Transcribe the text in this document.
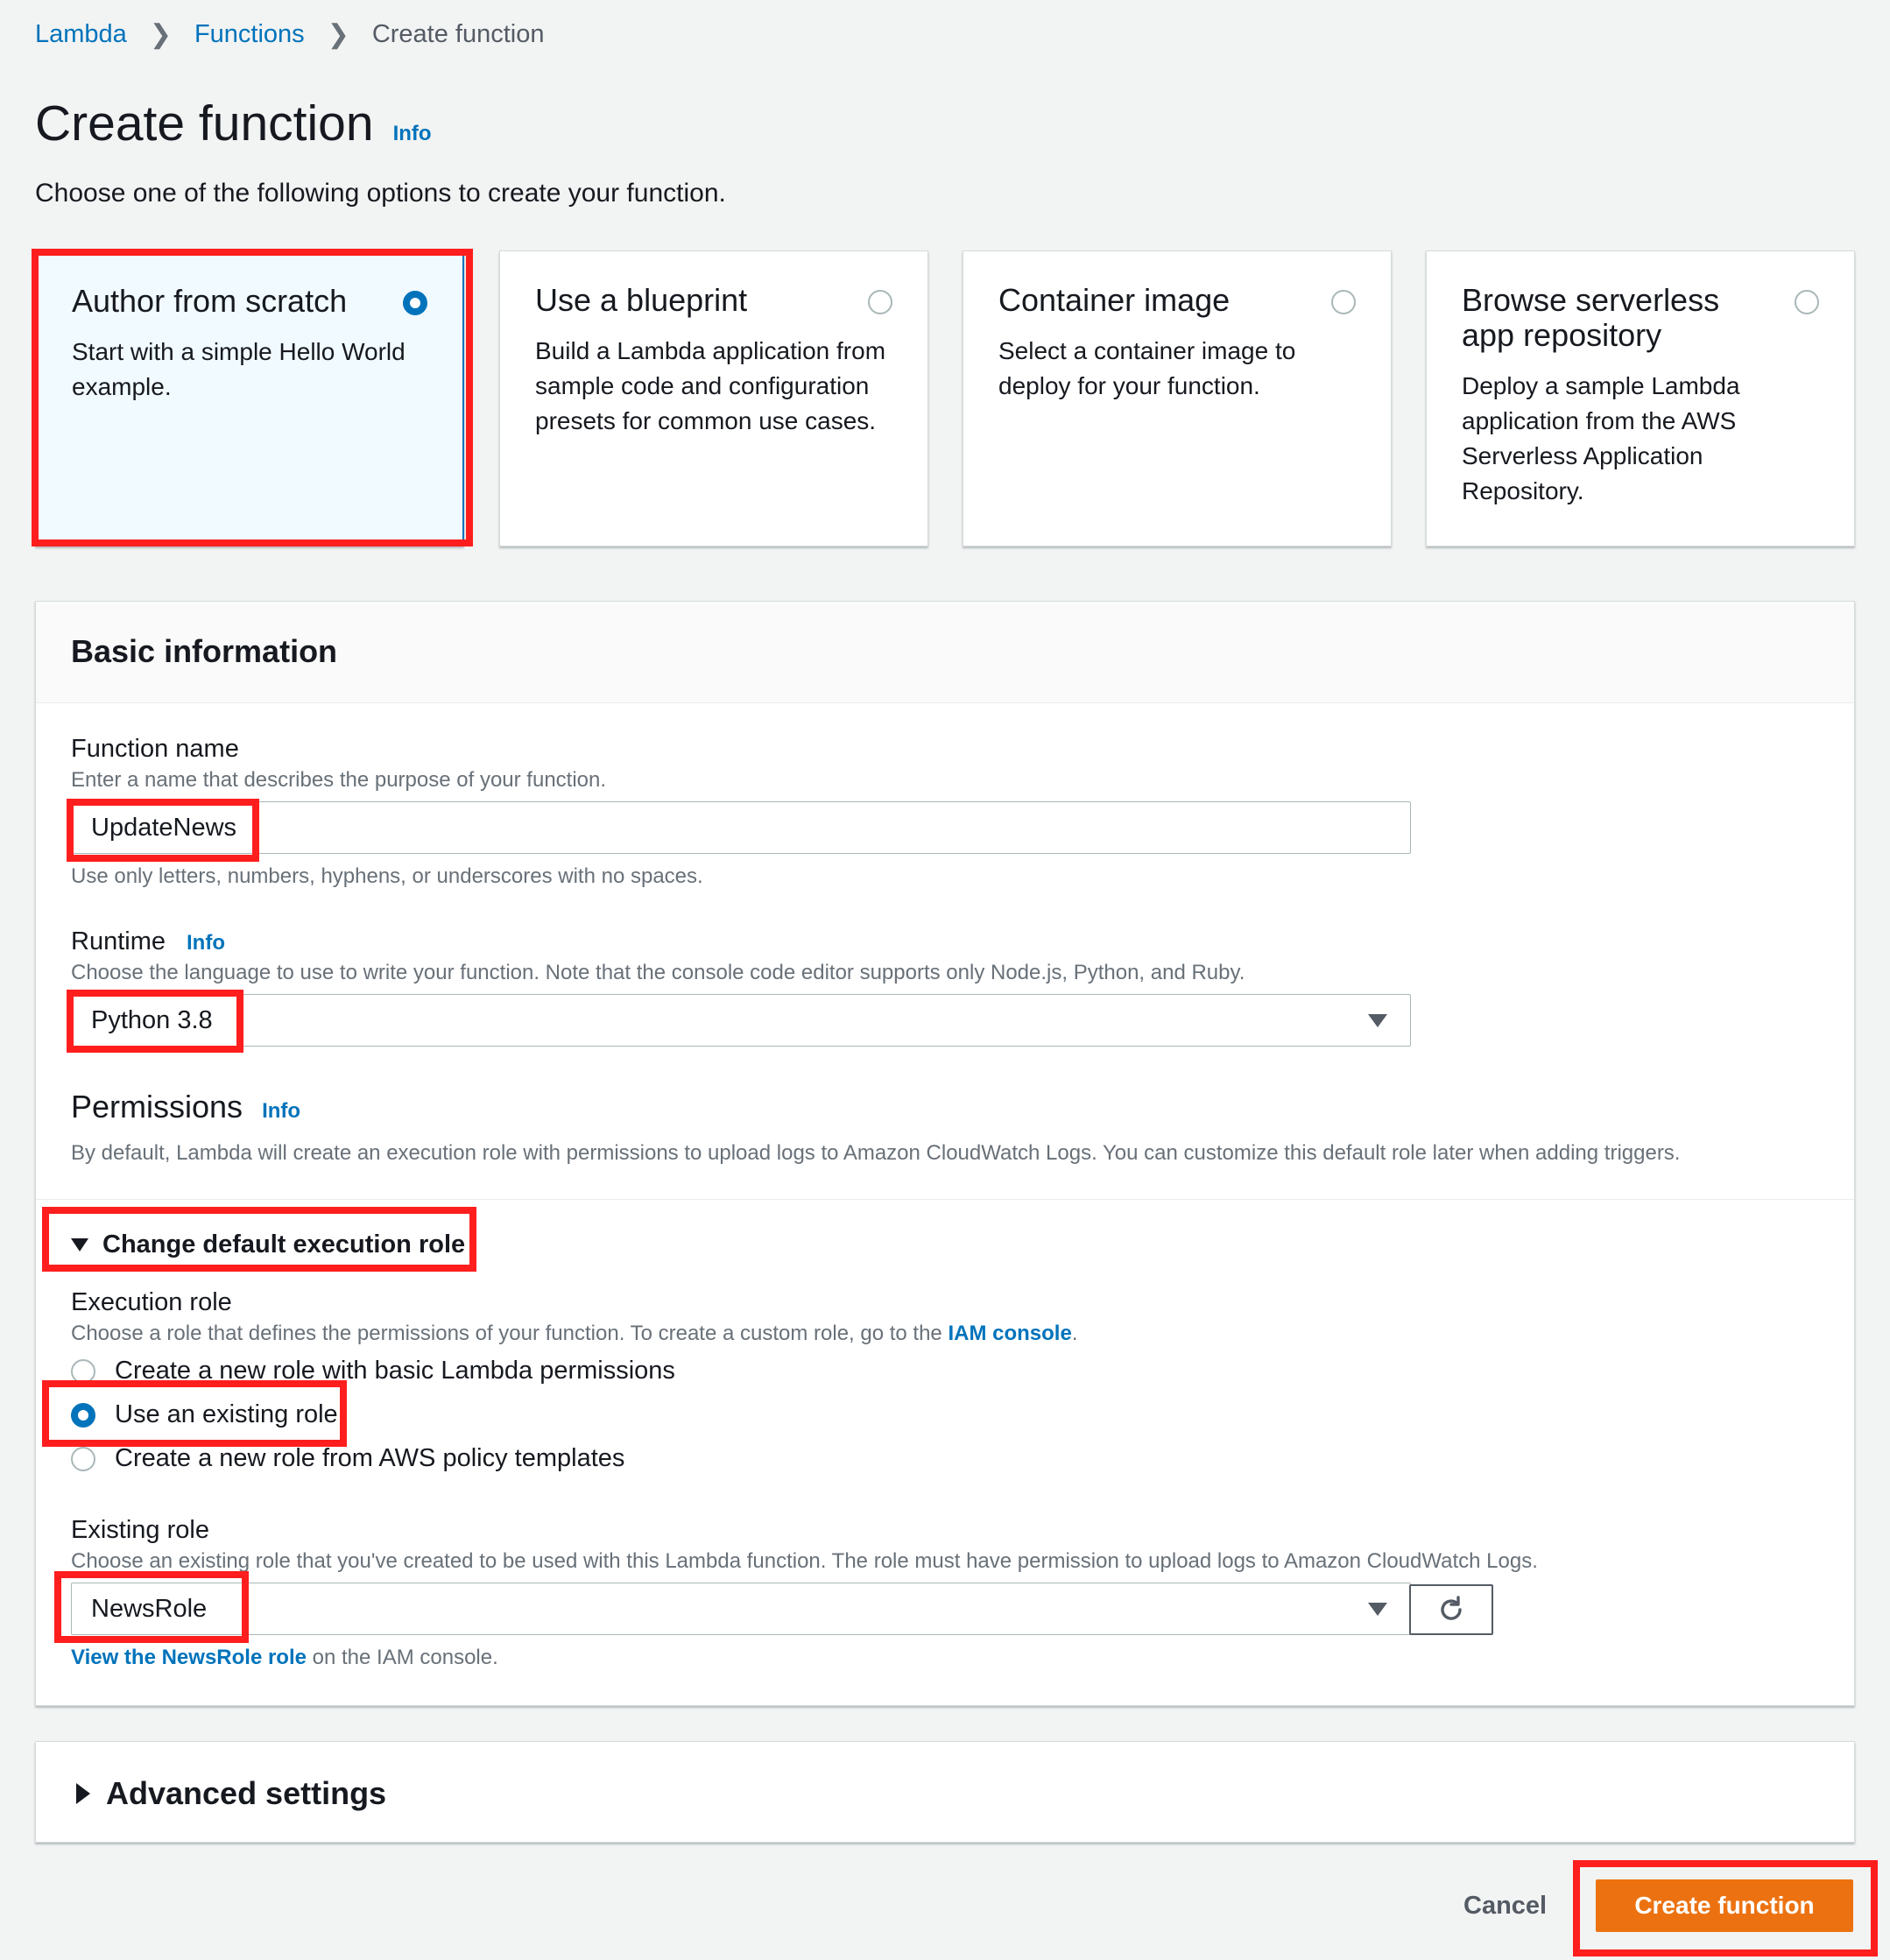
Lambda ❯ Functions ❯ Create function
Create function Info
Choose one of the following options to create your function.
Author from scratch
Start with a simple Hello World example.
Use a blueprint
Build a Lambda application from sample code and configuration presets for common use cases.
Container image
Select a container image to deploy for your function.
Browse serverless app repository
Deploy a sample Lambda application from the AWS Serverless Application Repository.
Basic information
Function name
Enter a name that describes the purpose of your function.
UpdateNews
Use only letters, numbers, hyphens, or underscores with no spaces.
Runtime Info
Choose the language to use to write your function. Note that the console code editor supports only Node.js, Python, and Ruby.
Python 3.8
Permissions Info
By default, Lambda will create an execution role with permissions to upload logs to Amazon CloudWatch Logs. You can customize this default role later when adding triggers.
Change default execution role
Execution role
Choose a role that defines the permissions of your function. To create a custom role, go to the IAM console.
Create a new role with basic Lambda permissions
Use an existing role
Create a new role from AWS policy templates
Existing role
Choose an existing role that you've created to be used with this Lambda function. The role must have permission to upload logs to Amazon CloudWatch Logs.
NewsRole
View the NewsRole role on the IAM console.
Advanced settings
Cancel	Create function
